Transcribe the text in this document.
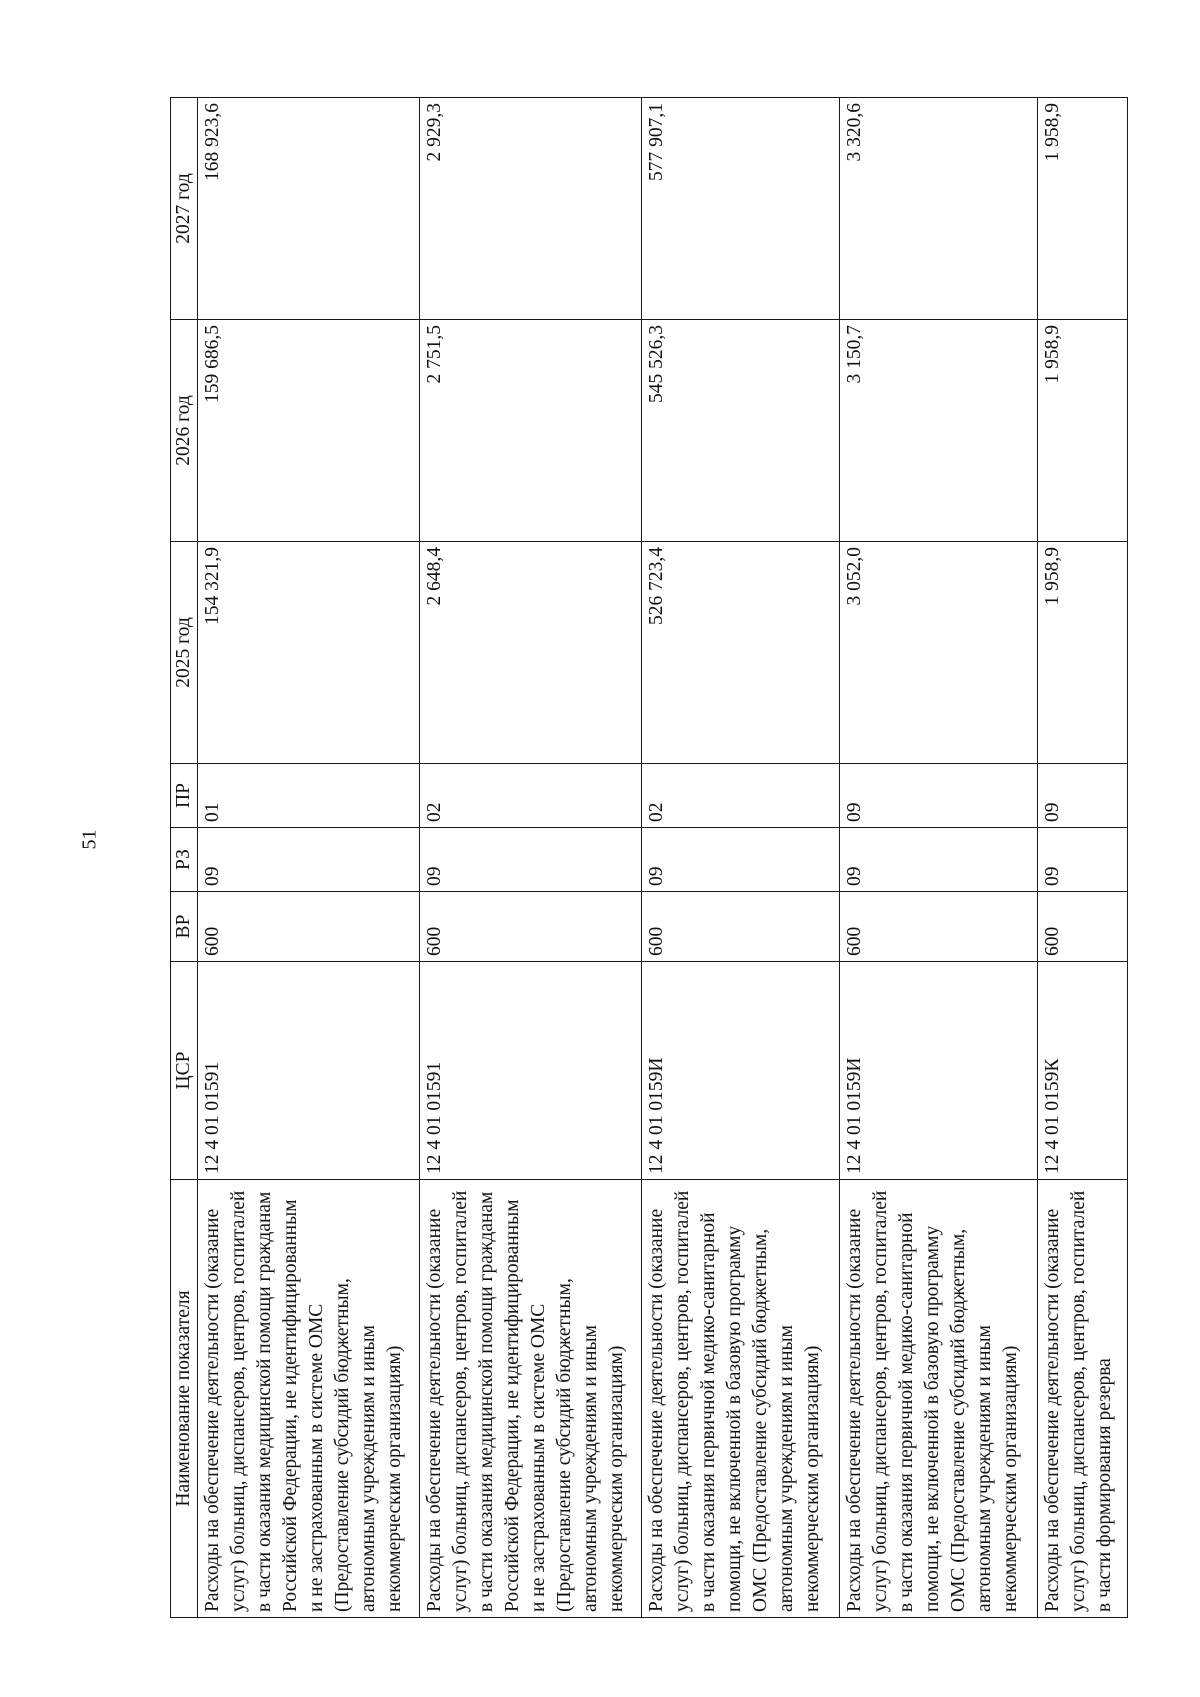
51
Наименование показателя	ЦСР	ВР	РЗ	ПР	2025 год	2026 год	2027 год
Расходы на обеспечение деятельности (оказание услуг) больниц, диспансеров, центров, госпиталей в части оказания медицинской помощи гражданам Российской Федерации, не идентифицированным и не застрахованным в системе ОМС (Предоставление субсидий бюджетным, автономным учреждениям и иным некоммерческим организациям)	12 4 01 01591	600	09	01	154 321,9	159 686,5	168 923,6
Расходы на обеспечение деятельности (оказание услуг) больниц, диспансеров, центров, госпиталей в части оказания медицинской помощи гражданам Российской Федерации, не идентифицированным и не застрахованным в системе ОМС (Предоставление субсидий бюджетным, автономным учреждениям и иным некоммерческим организациям)	12 4 01 01591	600	09	02	2 648,4	2 751,5	2 929,3
Расходы на обеспечение деятельности (оказание услуг) больниц, диспансеров, центров, госпиталей в части оказания первичной медико-санитарной помощи, не включенной в базовую программу ОМС (Предоставление субсидий бюджетным, автономным учреждениям и иным некоммерческим организациям)	12 4 01 0159И	600	09	02	526 723,4	545 526,3	577 907,1
Расходы на обеспечение деятельности (оказание услуг) больниц, диспансеров, центров, госпиталей в части оказания первичной медико-санитарной помощи, не включенной в базовую программу ОМС (Предоставление субсидий бюджетным, автономным учреждениям и иным некоммерческим организациям)	12 4 01 0159И	600	09	09	3 052,0	3 150,7	3 320,6
Расходы на обеспечение деятельности (оказание услуг) больниц, диспансеров, центров, госпиталей в части формирования резерва	12 4 01 0159К	600	09	09	1 958,9	1 958,9	1 958,9
